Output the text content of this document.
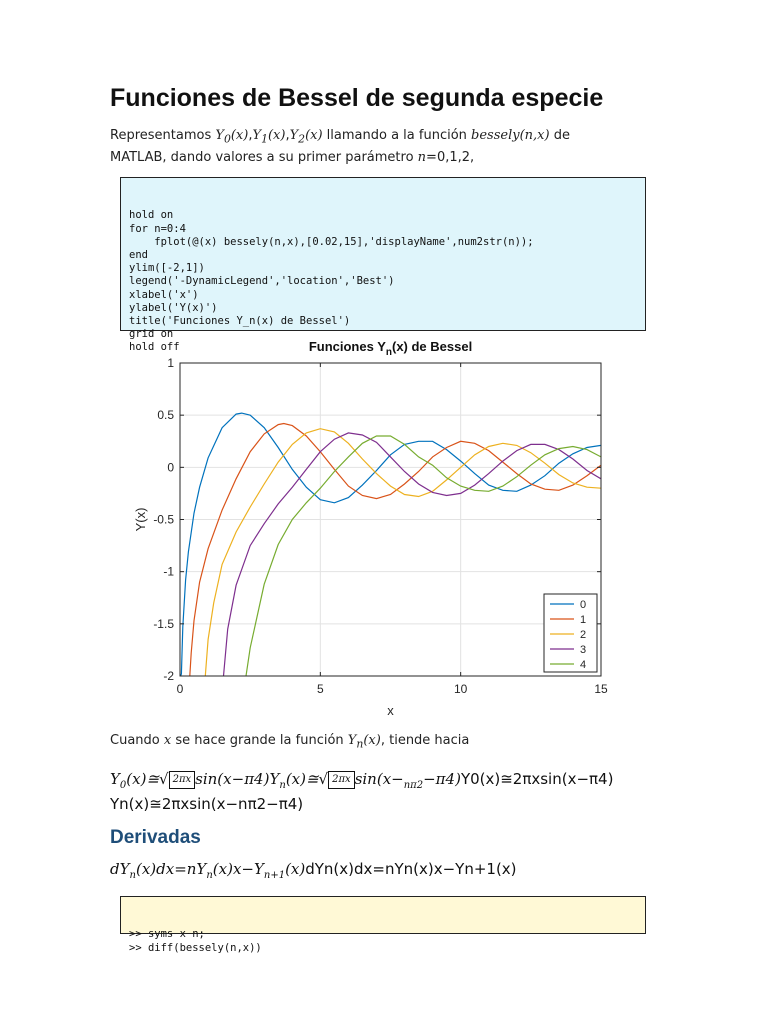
Funciones de Bessel de segunda especie

Representamos $Y_0(x),Y_1(x),Y_2(x)$ llamando a la función bessely(n,x) de
MATLAB, dando valores a su primer parámetro n=0,1,2,

hold on
for n=0:4
fplot(@(x) bessely(n,x),[0.02,15],'displayName',num2str(n));
end
ylim([-2,1])
legend('-DynamicLegend','location','Best')
xlabel('x')
ylabel('Y(x)')
title('Funciones Y_n(x) de Bessel')
grid on
hold off

0	5	10	15
1
0.5
0
-0.5
-1
-1.5
-2
x
Y(x)
Funciones $Y_n(x)$ de Bessel
0
1
2
3
4

Cuando x se hace grande la función $Y_n(x)$, tiende hacia

$Y_0(x)≅√$ 2πx $\sin(x-\pi 4)Y_n(x)≅√$ 2πx $\sin(x-_{n\pi 2}-\pi 4)Y0(x)≅2\pi xsin(x-\pi 4)$

Yn(x)≅2πxsin(x−nπ2−π4)

Derivadas

$dY_n(x)dx=nY_n(x)x-Y_{n+1}(x)dYn(x)dx=nYn(x)x-Yn+1(x)$

>> syms x n;
>> diff(bessely(n,x))
